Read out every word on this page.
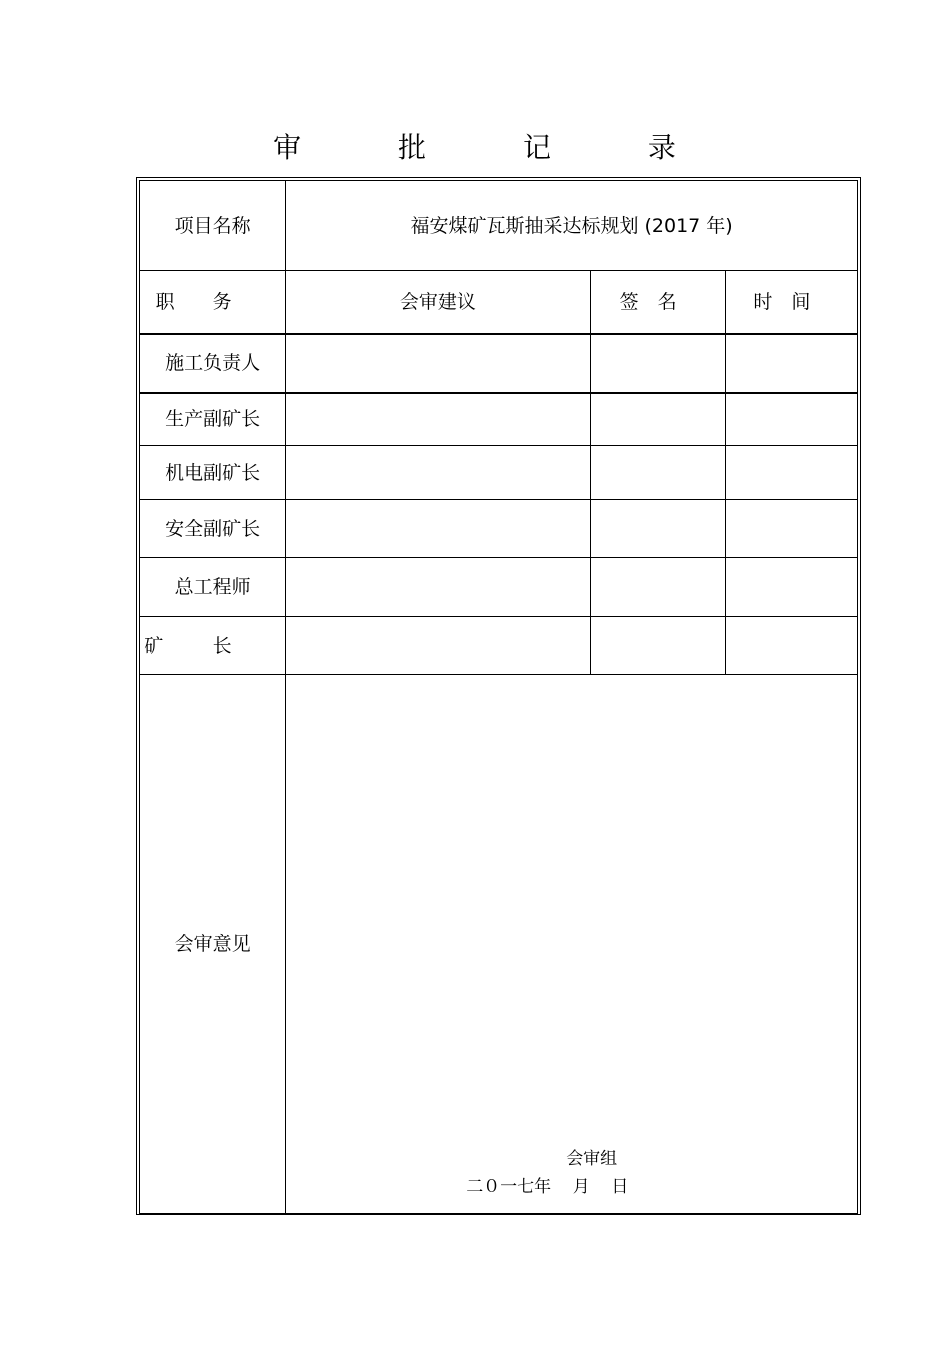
审 批 记 录
项目名称	福安煤矿瓦斯抽采达标规划 (2017 年)		
职务	会审建议	签名	时间
施工负责人			
生产副矿长			
机电副矿长			
安全副矿长			
总工程师			
矿长			
会审意见	会审组
二０一七年    月    日		
